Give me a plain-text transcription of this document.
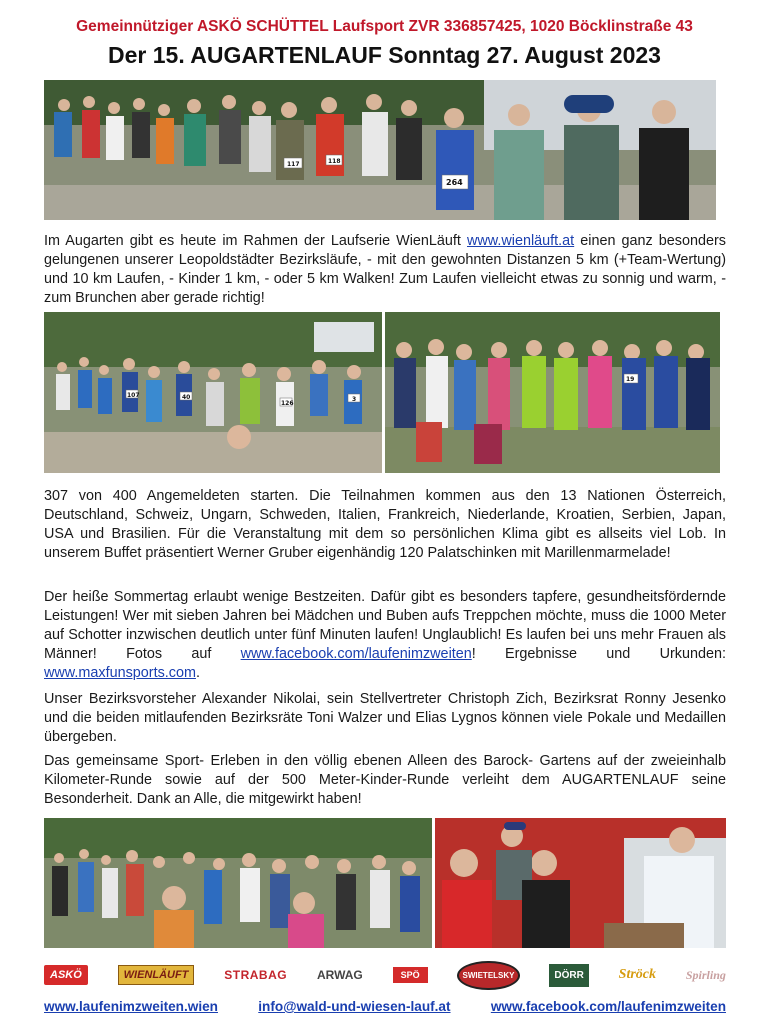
Gemeinnütziger ASKÖ SCHÜTTEL Laufsport ZVR 336857425, 1020 Böcklinstraße 43
Der 15. AUGARTENLAUF Sonntag 27. August 2023
264
117	118

Im Augarten gibt es heute im Rahmen der Laufserie WienLäuft www.wienläuft.at einen ganz besonders gelungenen unserer Leopoldstädter Bezirksläufe, - mit den gewohnten Distanzen 5 km (+Team-Wertung) und 10 km Laufen, - Kinder 1 km, - oder 5 km Walken! Zum Laufen vielleicht etwas zu sonnig und warm, - zum Brunchen aber gerade richtig!

107	40
126
3
19

307 von 400 Angemeldeten starten. Die Teilnahmen kommen aus den 13 Nationen Österreich, Deutschland, Schweiz, Ungarn, Schweden, Italien, Frankreich, Niederlande, Kroatien, Serbien, Japan, USA und Brasilien. Für die Veranstaltung mit dem so persönlichen Klima gibt es allseits viel Lob. In unserem Buffet präsentiert Werner Gruber eigenhändig 120 Palatschinken mit Marillenmarmelade!

Der heiße Sommertag erlaubt wenige Bestzeiten. Dafür gibt es besonders tapfere, gesundheitsfördernde Leistungen! Wer mit sieben Jahren bei Mädchen und Buben aufs Treppchen möchte, muss die 1000 Meter auf Schotter inzwischen deutlich unter fünf Minuten laufen! Unglaublich! Es laufen bei uns mehr Frauen als Männer! Fotos auf www.facebook.com/laufenimzweiten! Ergebnisse und Urkunden: www.maxfunsports.com.

Unser Bezirksvorsteher Alexander Nikolai, sein Stellvertreter Christoph Zich, Bezirksrat Ronny Jesenko und die beiden mitlaufenden Bezirksräte Toni Walzer und Elias Lygnos können viele Pokale und Medaillen übergeben.

Das gemeinsame Sport- Erleben in den völlig ebenen Alleen des Barock- Gartens auf der zweieinhalb Kilometer-Runde sowie auf der 500 Meter-Kinder-Runde verleiht dem AUGARTENLAUF seine Besonderheit. Dank an Alle, die mitgewirkt haben!

ASKÖ	WIENLÄUFT	STRABAG ARWAG	SPÖ	SWIETELSKY	DÖRR	Ströck Spirling
www.laufenimzweiten.wien	info@wald-und-wiesen-lauf.at	www.facebook.com/laufenimzweiten
